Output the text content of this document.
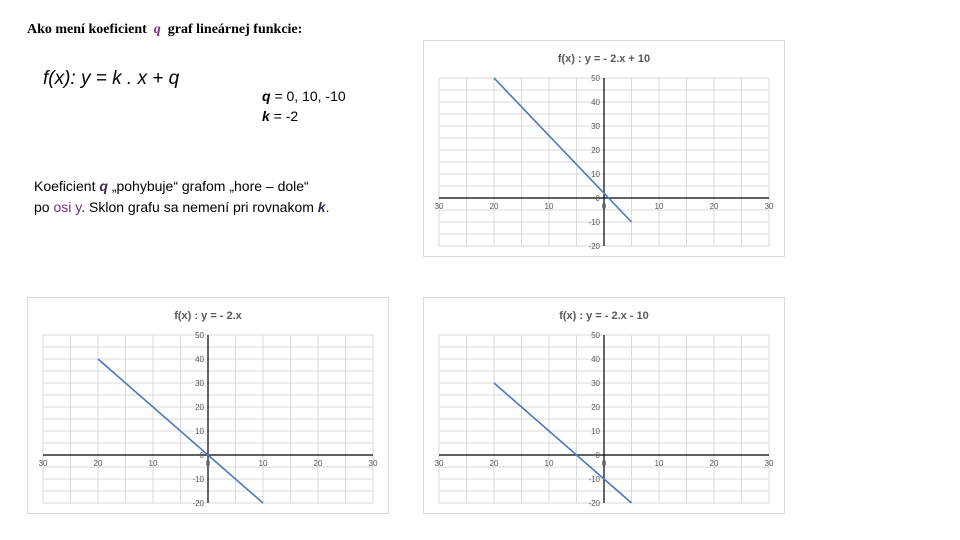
Ako mení koeficient  q  graf lineárnej funkcie:
f(x): y = k . x + q
q = 0, 10, -10
k = -2
Koeficient q „pohybuje“ grafom „hore – dole“
po osi y. Sklon grafu sa nemení pri rovnakom k.
f(x) : y = - 2.x + 10
30	20	10	0	10	20	30
50
40
30
20
10
0
-10
-20
f(x) : y = - 2.x
30	20	10	0	10	20	30
50
40
30
20
10
0
-10
-20
f(x) : y = - 2.x - 10
30	20	10	0	10	20	30
50
40
30
20
10
0
-10
-20
